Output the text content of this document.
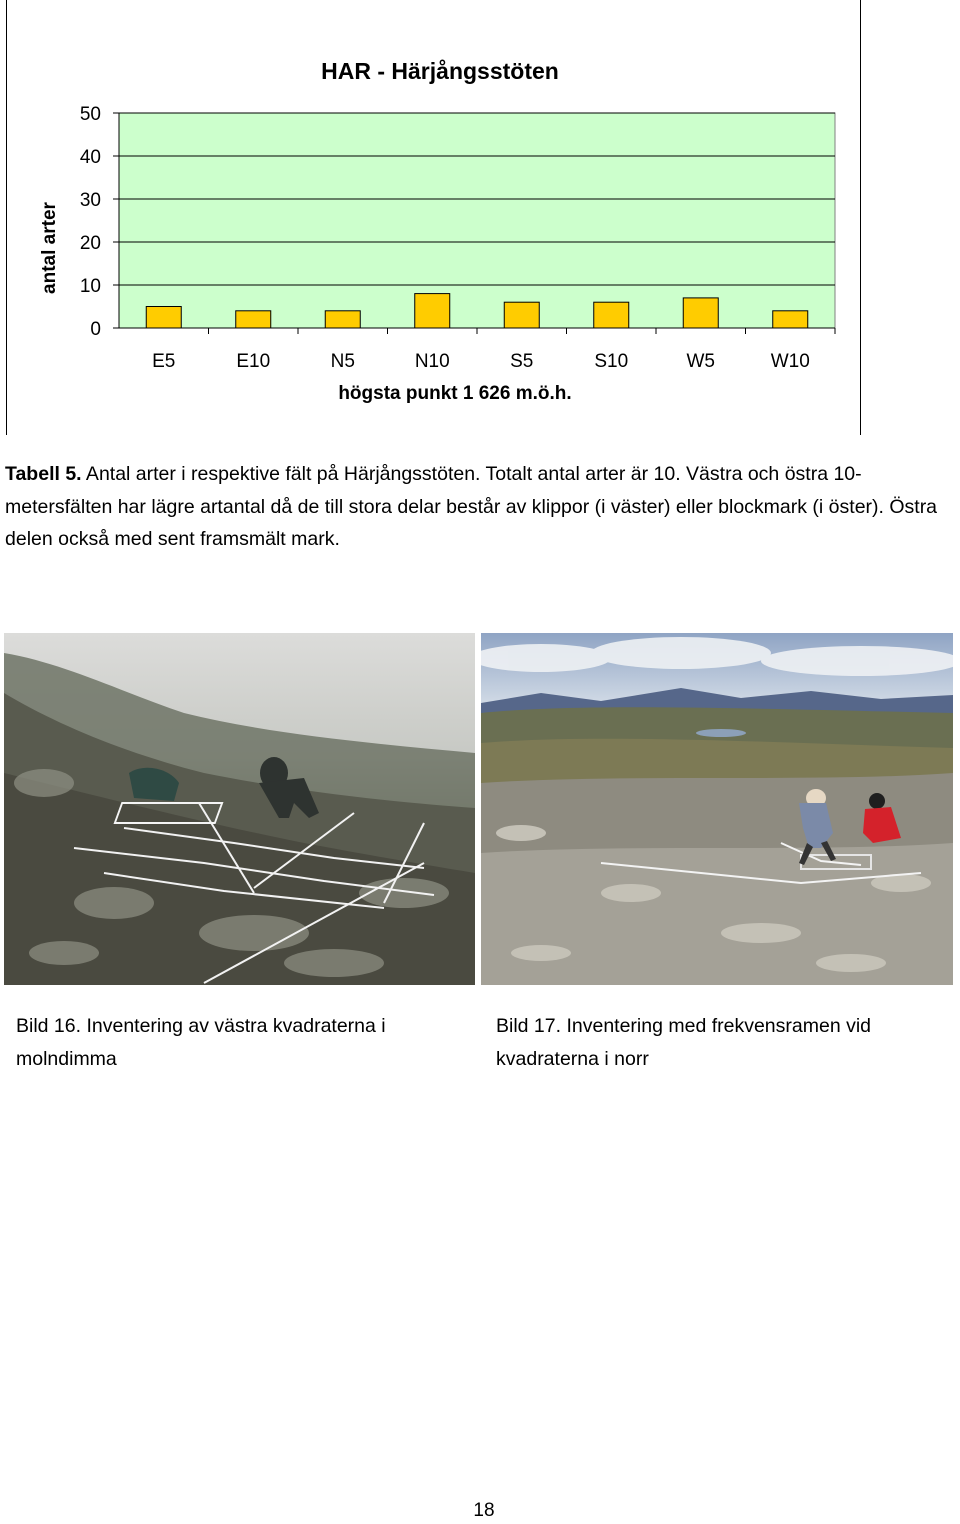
HAR - Härjångsstöten
0
10
20
30
40
50
E5	E10	N5	N10	S5	S10	W5	W10
antal arter
högsta punkt 1 626 m.ö.h.

Tabell 5. Antal arter i respektive fält på Härjångsstöten. Totalt antal arter är 10. Västra och östra 10-metersfälten har lägre artantal då de till stora delar består av klippor (i väster) eller blockmark (i öster). Östra delen också med sent framsmält mark.

Bild 16. Inventering av västra kvadraterna i molndimma

Bild 17. Inventering med frekvensramen vid kvadraterna i norr

18
